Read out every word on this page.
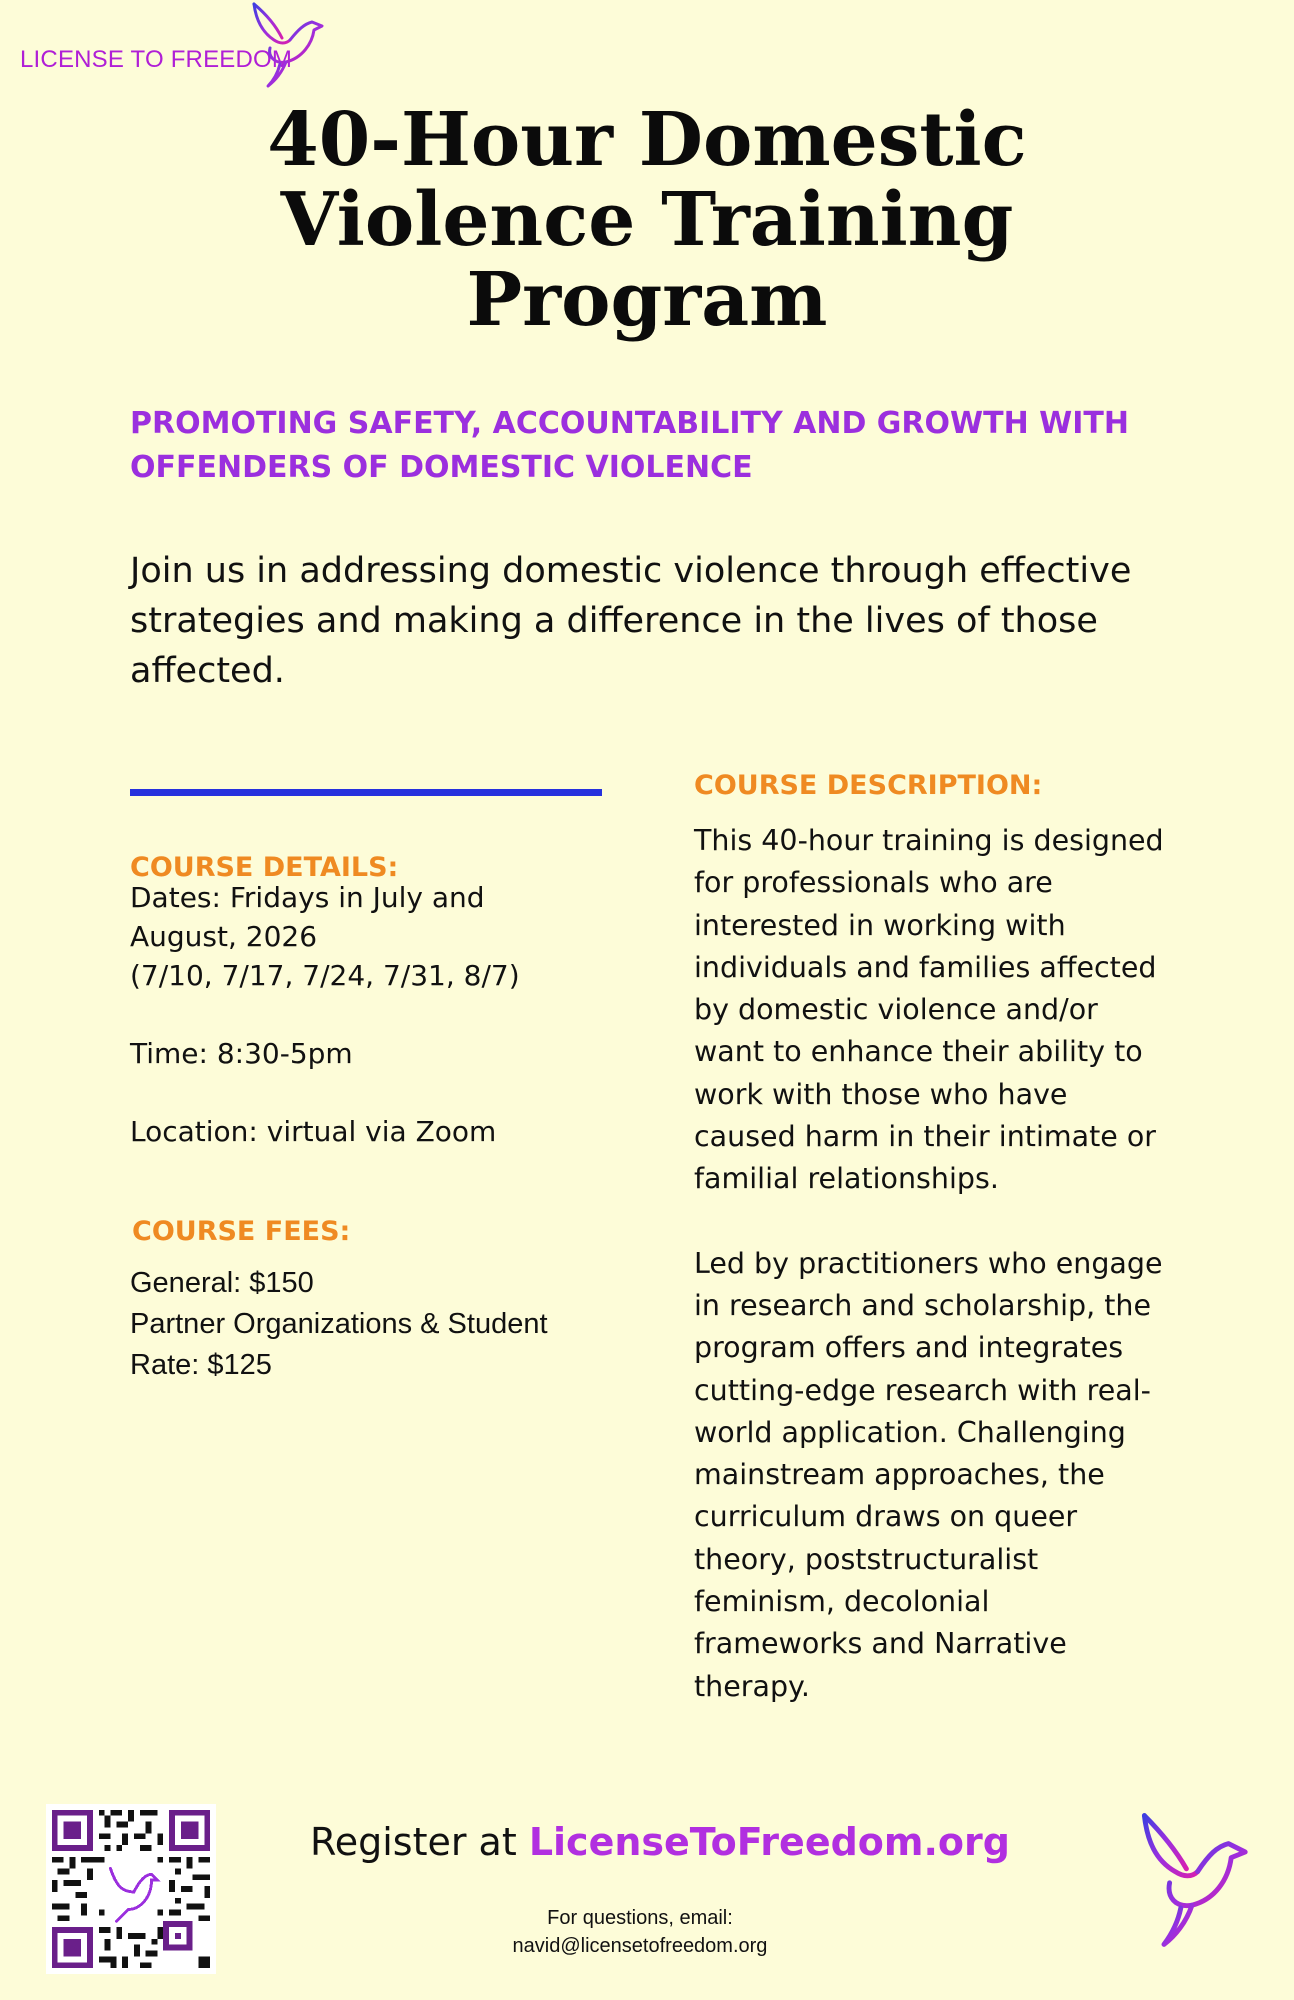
LICENSE TO FREEDOM
40-Hour Domestic Violence Training Program
PROMOTING SAFETY, ACCOUNTABILITY AND GROWTH WITH OFFENDERS OF DOMESTIC VIOLENCE
Join us in addressing domestic violence through effective strategies and making a difference in the lives of those affected.
COURSE DETAILS:
Dates: Fridays in July and
August, 2026
(7/10, 7/17, 7/24, 7/31, 8/7)
Time: 8:30-5pm
Location: virtual via Zoom
COURSE FEES:
General: $150
Partner Organizations & Student
Rate: $125
COURSE DESCRIPTION:

This 40-hour training is designed for professionals who are interested in working with individuals and families affected by domestic violence and/or want to enhance their ability to work with those who have caused harm in their intimate or familial relationships.

Led by practitioners who engage in research and scholarship, the program offers and integrates cutting-edge research with real-world application. Challenging mainstream approaches, the curriculum draws on queer theory, poststructuralist feminism, decolonial frameworks and Narrative therapy.

Register at LicenseToFreedom.org
For questions, email:
navid@licensetofreedom.org
